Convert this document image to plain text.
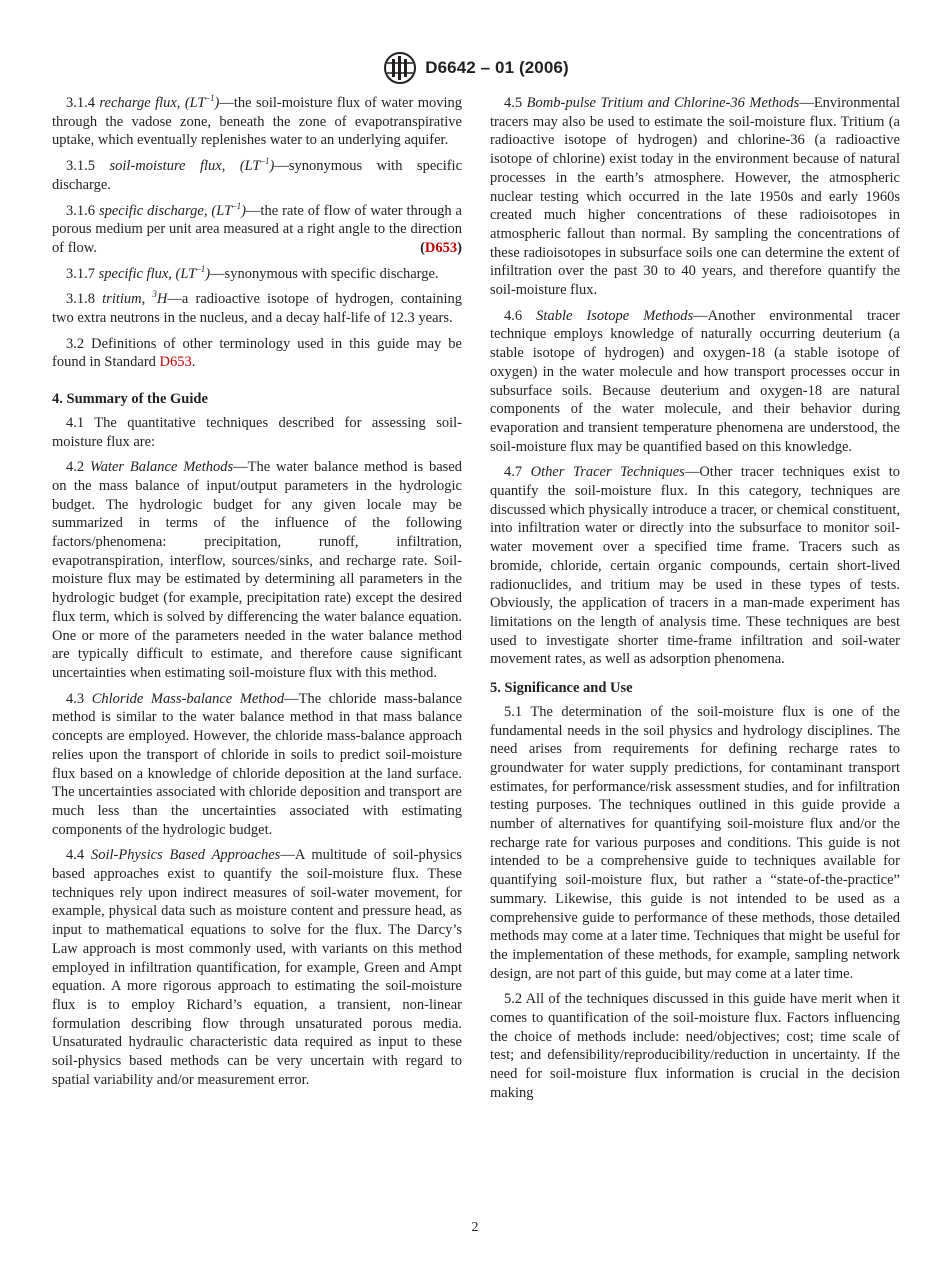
D6642 – 01 (2006)

3.1.4 recharge flux, $(LT^{-1})—the$ soil-moisture flux of water moving through the vadose zone, beneath the zone of evapotranspirative uptake, which eventually replenishes water to an underlying aquifer.

3.1.5 soil-moisture flux, $(LT^{-1})—synonymous$ with specific discharge.

3.1.6 specific discharge, $(LT^{-1})—the$ rate of flow of water through a porous medium per unit area measured at a right angle to the direction of flow.	(D653)

3.1.7 specific flux, $(LT^{-1})—synonymous$ with specific discharge.

3.1.8 tritium, $^3$H—a radioactive isotope of hydrogen, containing two extra neutrons in the nucleus, and a decay half-life of 12.3 years.

3.2 Definitions of other terminology used in this guide may be found in Standard D653.

4. Summary of the Guide

4.1 The quantitative techniques described for assessing soil-moisture flux are:

4.2 Water Balance Methods—The water balance method is based on the mass balance of input/output parameters in the hydrologic budget. The hydrologic budget for any given locale may be summarized in terms of the influence of the following factors/phenomena: precipitation, runoff, infiltration, evapotranspiration, interflow, sources/sinks, and recharge rate. Soil-moisture flux may be estimated by determining all parameters in the hydrologic budget (for example, precipitation rate) except the desired flux term, which is solved by differencing the water balance equation. One or more of the parameters needed in the water balance method are typically difficult to estimate, and therefore cause significant uncertainties when estimating soil-moisture flux with this method.

4.3 Chloride Mass-balance Method—The chloride mass-balance method is similar to the water balance method in that mass balance concepts are employed. However, the chloride mass-balance approach relies upon the transport of chloride in soils to predict soil-moisture flux based on a knowledge of chloride deposition at the land surface. The uncertainties associated with chloride deposition and transport are much less than the uncertainties associated with estimating components of the hydrologic budget.

4.4 Soil-Physics Based Approaches—A multitude of soil-physics based approaches exist to quantify the soil-moisture flux. These techniques rely upon indirect measures of soil-water movement, for example, physical data such as moisture content and pressure head, as input to mathematical equations to solve for the flux. The Darcy’s Law approach is most commonly used, with variants on this method employed in infiltration quantification, for example, Green and Ampt equation. A more rigorous approach to estimating the soil-moisture flux is to employ Richard’s equation, a transient, non-linear formulation describing flow through unsaturated porous media. Unsaturated hydraulic characteristic data required as input to these soil-physics based methods can be very uncertain with regard to spatial variability and/or measurement error.

4.5 Bomb-pulse Tritium and Chlorine-36 Methods—Environmental tracers may also be used to estimate the soil-moisture flux. Tritium (a radioactive isotope of hydrogen) and chlorine-36 (a radioactive isotope of chlorine) exist today in the environment because of natural processes in the earth’s atmosphere. However, the atmospheric nuclear testing which occurred in the late 1950s and early 1960s created much higher concentrations of these radioisotopes in atmospheric fallout than normal. By sampling the concentrations of these radioisotopes in subsurface soils one can determine the extent of infiltration over the past 30 to 40 years, and therefore quantify the soil-moisture flux.

4.6 Stable Isotope Methods—Another environmental tracer technique employs knowledge of naturally occurring deuterium (a stable isotope of hydrogen) and oxygen-18 (a stable isotope of oxygen) in the water molecule and how transport processes occur in subsurface soils. Because deuterium and oxygen-18 are natural components of the water molecule, and their behavior during evaporation and transient temperature phenomena are understood, the soil-moisture flux may be quantified based on this knowledge.

4.7 Other Tracer Techniques—Other tracer techniques exist to quantify the soil-moisture flux. In this category, techniques are discussed which physically introduce a tracer, or chemical constituent, into infiltration water or directly into the subsurface to monitor soil-water movement over a specified time frame. Tracers such as bromide, chloride, certain organic compounds, certain short-lived radionuclides, and tritium may be used in these types of tests. Obviously, the application of tracers in a man-made experiment has limitations on the length of analysis time. These techniques are best used to investigate shorter time-frame infiltration and soil-water movement rates, as well as adsorption phenomena.

5. Significance and Use

5.1 The determination of the soil-moisture flux is one of the fundamental needs in the soil physics and hydrology disciplines. The need arises from requirements for defining recharge rates to groundwater for water supply predictions, for contaminant transport estimates, for performance/risk assessment studies, and for infiltration testing purposes. The techniques outlined in this guide provide a number of alternatives for quantifying soil-moisture flux and/or the recharge rate for various purposes and conditions. This guide is not intended to be a comprehensive guide to techniques available for quantifying soil-moisture flux, but rather a “state-of-the-practice” summary. Likewise, this guide is not intended to be used as a comprehensive guide to performance of these methods, those detailed methods may come at a later time. Techniques that might be useful for the implementation of these methods, for example, sampling network design, are not part of this guide, but may come at a later time.

5.2 All of the techniques discussed in this guide have merit when it comes to quantification of the soil-moisture flux. Factors influencing the choice of methods include: need/objectives; cost; time scale of test; and defensibility/reproducibility/reduction in uncertainty. If the need for soil-moisture flux information is crucial in the decision making

2
